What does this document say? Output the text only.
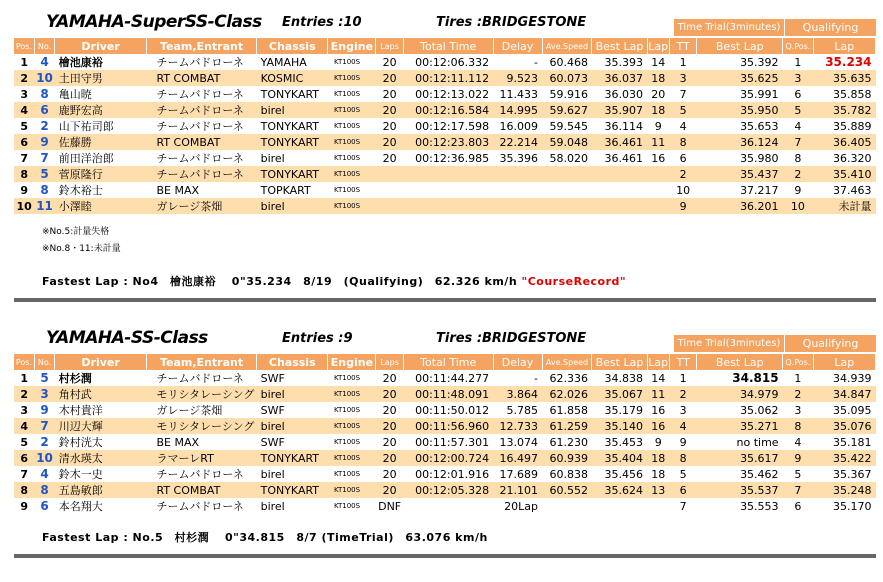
YAMAHA-SuperSS-Class Entries :10	Tires :BRIDGESTONE	Time Trial(3minutes)	Qualifying
Pos.	No.	Driver	Team,Entrant	Chassis	Engine	Laps	Total Time	Delay	Ave.Speed	Best Lap	Lap	TT	Best Lap	Q.Pos.	Lap
1	4	檜池康裕	チームバドローネ	YAMAHA	KT100S	20	00:12:06.332	-	60.468	35.393	14	1	35.392	1	35.234
2	10	土田守男	RT COMBAT	KOSMIC	KT100S	20	00:12:11.112	9.523	60.073	36.037	18	3	35.625	3	35.635
3	8	亀山暁	チームバドローネ	TONYKART	KT100S	20	00:12:13.022	11.433	59.916	36.030	20	7	35.991	6	35.858
4	6	鹿野宏高	チームバドローネ	birel	KT100S	20	00:12:16.584	14.995	59.627	35.907	18	5	35.950	5	35.782
5	2	山下祐司郎	チームバドローネ	TONYKART	KT100S	20	00:12:17.598	16.009	59.545	36.114	9	4	35.653	4	35.889
6	9	佐藤勝	RT COMBAT	TONYKART	KT100S	20	00:12:23.803	22.214	59.048	36.461	11	8	36.124	7	36.405
7	7	前田洋治郎	チームバドローネ	birel	KT100S	20	00:12:36.985	35.396	58.020	36.461	16	6	35.980	8	36.320
8	5	菅原隆行	チームバドローネ	TONYKART	KT100S							2	35.437	2	35.410
9	8	鈴木裕士	BE MAX	TOPKART	KT100S							10	37.217	9	37.463
10	11	小澤睦	ガレージ茶畑	birel	KT100S							9	36.201	10	未計量
※No.5:計量失格
※No.8・11:未計量
Fastest Lap : No4　檜池康裕　 0"35.234　8/19　(Qualifying)　62.326 km/h "CourseRecord"
YAMAHA-SS-Class	Entries :9	Tires :BRIDGESTONE	Time Trial(3minutes)	Qualifying
Pos.	No.	Driver	Team,Entrant	Chassis	Engine	Laps	Total Time	Delay	Ave.Speed	Best Lap	Lap	TT	Best Lap	Q.Pos.	Lap
1	5	村杉潤	チームバドローネ	SWF	KT100S	20	00:11:44.277	-	62.336	34.838	14	1	34.815	1	34.939
2	3	角村武	モリシタレーシング	birel	KT100S	20	00:11:48.091	3.864	62.026	35.067	11	2	34.979	2	34.847
3	9	木村貴洋	ガレージ茶畑	SWF	KT100S	20	00:11:50.012	5.785	61.858	35.179	16	3	35.062	3	35.095
4	7	川辺大輝	モリシタレーシング	birel	KT100S	20	00:11:56.960	12.733	61.259	35.140	16	4	35.271	8	35.076
5	2	鈴村洸太	BE MAX	SWF	KT100S	20	00:11:57.301	13.074	61.230	35.453	9	9	no time	4	35.181
6	10	清水瑛太	ラマーレRT	TONYKART	KT100S	20	00:12:00.724	16.497	60.939	35.404	18	8	35.617	9	35.422
7	4	鈴木一史	チームバドローネ	birel	KT100S	20	00:12:01.916	17.689	60.838	35.456	18	5	35.462	5	35.367
8	8	五島敏郎	RT COMBAT	TONYKART	KT100S	20	00:12:05.328	21.101	60.552	35.624	13	6	35.537	7	35.248
9	6	本名翔大	チームバドローネ	birel	KT100S	DNF		20Lap				7	35.553	6	35.170
Fastest Lap : No.5　村杉潤　 0"34.815　8/7 (TimeTrial)　63.076 km/h
